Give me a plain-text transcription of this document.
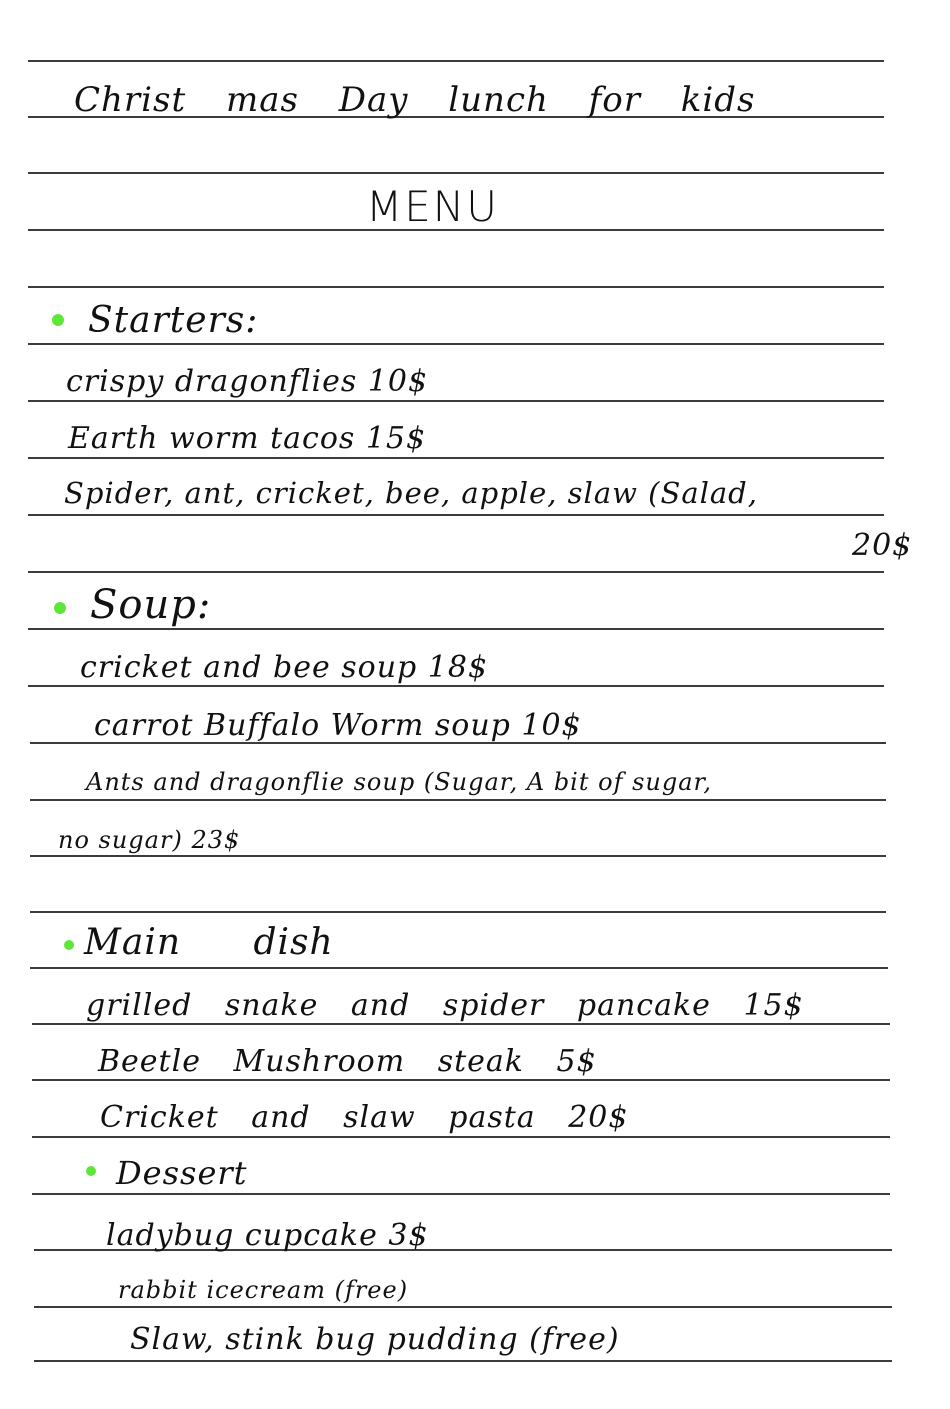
Christ mas Day lunch for kids
MENU
Starters:
crispy dragonflies 10$
Earth worm tacos 15$
Spider, ant, cricket, bee, apple, slaw (Salad,
20$
Soup:
cricket and bee soup 18$
carrot Buffalo Worm soup 10$
Ants and dragonflie soup (Sugar, A bit of sugar,
no sugar) 23$
Main dish
grilled snake and spider pancake 15$
Beetle Mushroom steak 5$
Cricket and slaw pasta 20$
Dessert
ladybug cupcake 3$
rabbit icecream (free)
Slaw, stink bug pudding (free)
